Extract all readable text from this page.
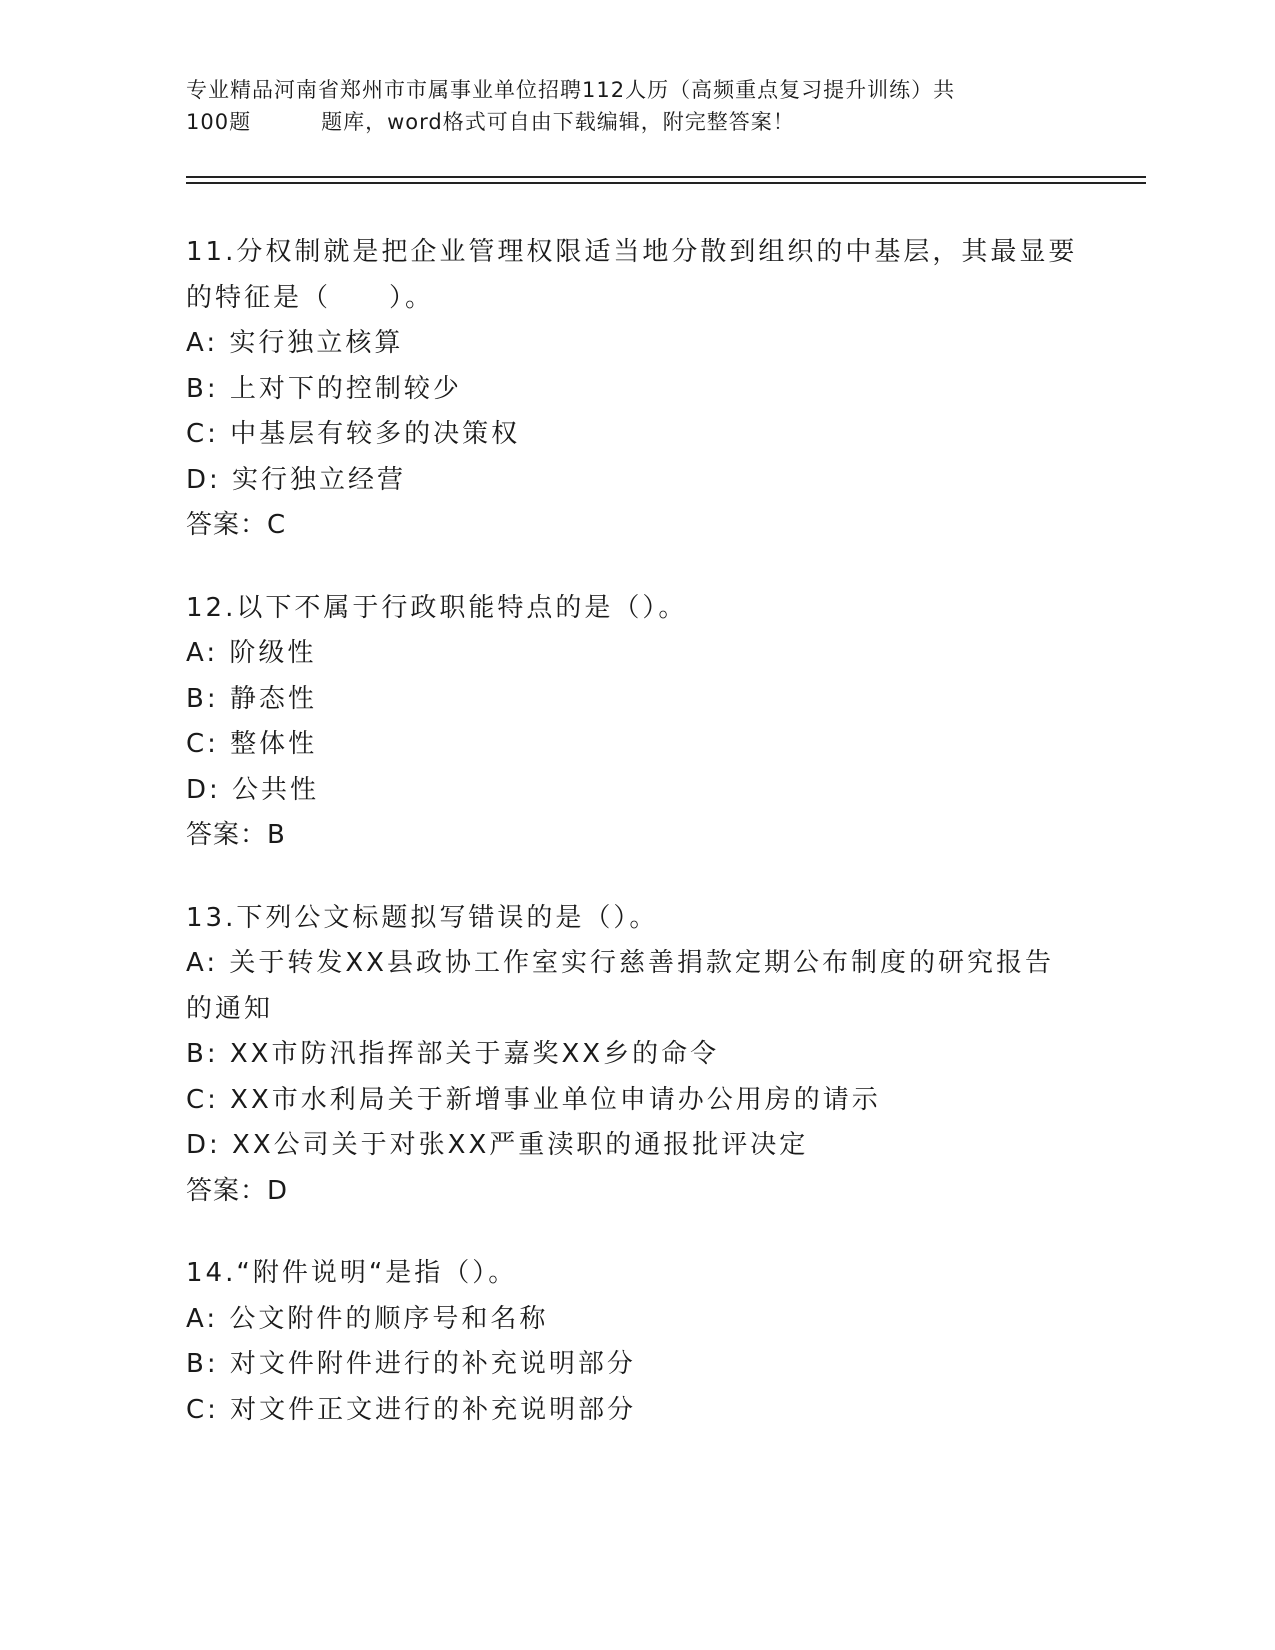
专业精品河南省郑州市市属事业单位招聘112人历（高频重点复习提升训练）共
100题	题库，word格式可自由下载编辑，附完整答案！
11.分权制就是把企业管理权限适当地分散到组织的中基层，其最显要
的特征是（　　）。
A: 实行独立核算
B: 上对下的控制较少
C: 中基层有较多的决策权
D: 实行独立经营
答案：C
12.以下不属于行政职能特点的是（）。
A: 阶级性
B: 静态性
C: 整体性
D: 公共性
答案：B
13.下列公文标题拟写错误的是（）。
A: 关于转发XX县政协工作室实行慈善捐款定期公布制度的研究报告
的通知
B: XX市防汛指挥部关于嘉奖XX乡的命令
C: XX市水利局关于新增事业单位申请办公用房的请示
D: XX公司关于对张XX严重渎职的通报批评决定
答案：D
14.“附件说明“是指（）。
A: 公文附件的顺序号和名称
B: 对文件附件进行的补充说明部分
C: 对文件正文进行的补充说明部分
